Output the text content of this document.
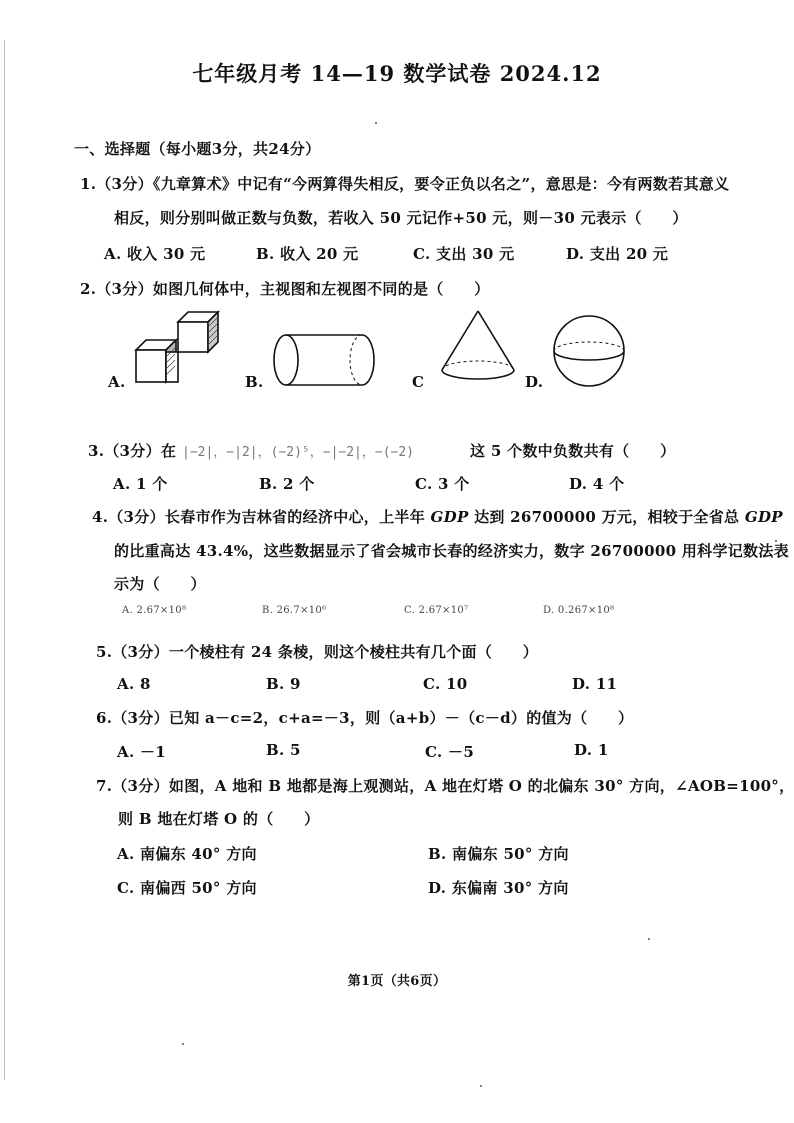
七年级月考 14—19 数学试卷 2024.12
一、选择题（每小题3分，共24分）
1.（3分）《九章算术》中记有“今两算得失相反，要令正负以名之”，意思是：今有两数若其意义
相反，则分别叫做正数与负数，若收入 50 元记作+50 元，则－30 元表示（　　）
A. 收入 30 元	B. 收入 20 元	C. 支出 30 元	D. 支出 20 元
2.（3分）如图几何体中，主视图和左视图不同的是（　　）
A.	B.	C	D.
3.（3分）在 |−2|，−|2|，(−2)⁵，−|−2|，−(−2)	这 5 个数中负数共有（　　）
A. 1 个	B. 2 个	C. 3 个	D. 4 个
4.（3分）长春市作为吉林省的经济中心，上半年 GDP 达到 26700000 万元，相较于全省总 GDP
的比重高达 43.4%，这些数据显示了省会城市长春的经济实力，数字 26700000 用科学记数法表
示为（　　）
A. 2.67×10⁸	B. 26.7×10⁶	C. 2.67×10⁷	D. 0.267×10⁸
5.（3分）一个棱柱有 24 条棱，则这个棱柱共有几个面（　　）
A. 8	B. 9	C. 10	D. 11
6.（3分）已知 a－c=2，c+a=－3，则（a+b）－（c－d）的值为（　　）
A. －1	B. 5	C. －5	D. 1
7.（3分）如图，A 地和 B 地都是海上观测站，A 地在灯塔 O 的北偏东 30° 方向，∠AOB=100°，
则 B 地在灯塔 O 的（　　）
A. 南偏东 40° 方向	B. 南偏东 50° 方向
C. 南偏西 50° 方向	D. 东偏南 30° 方向
第1页（共6页）
